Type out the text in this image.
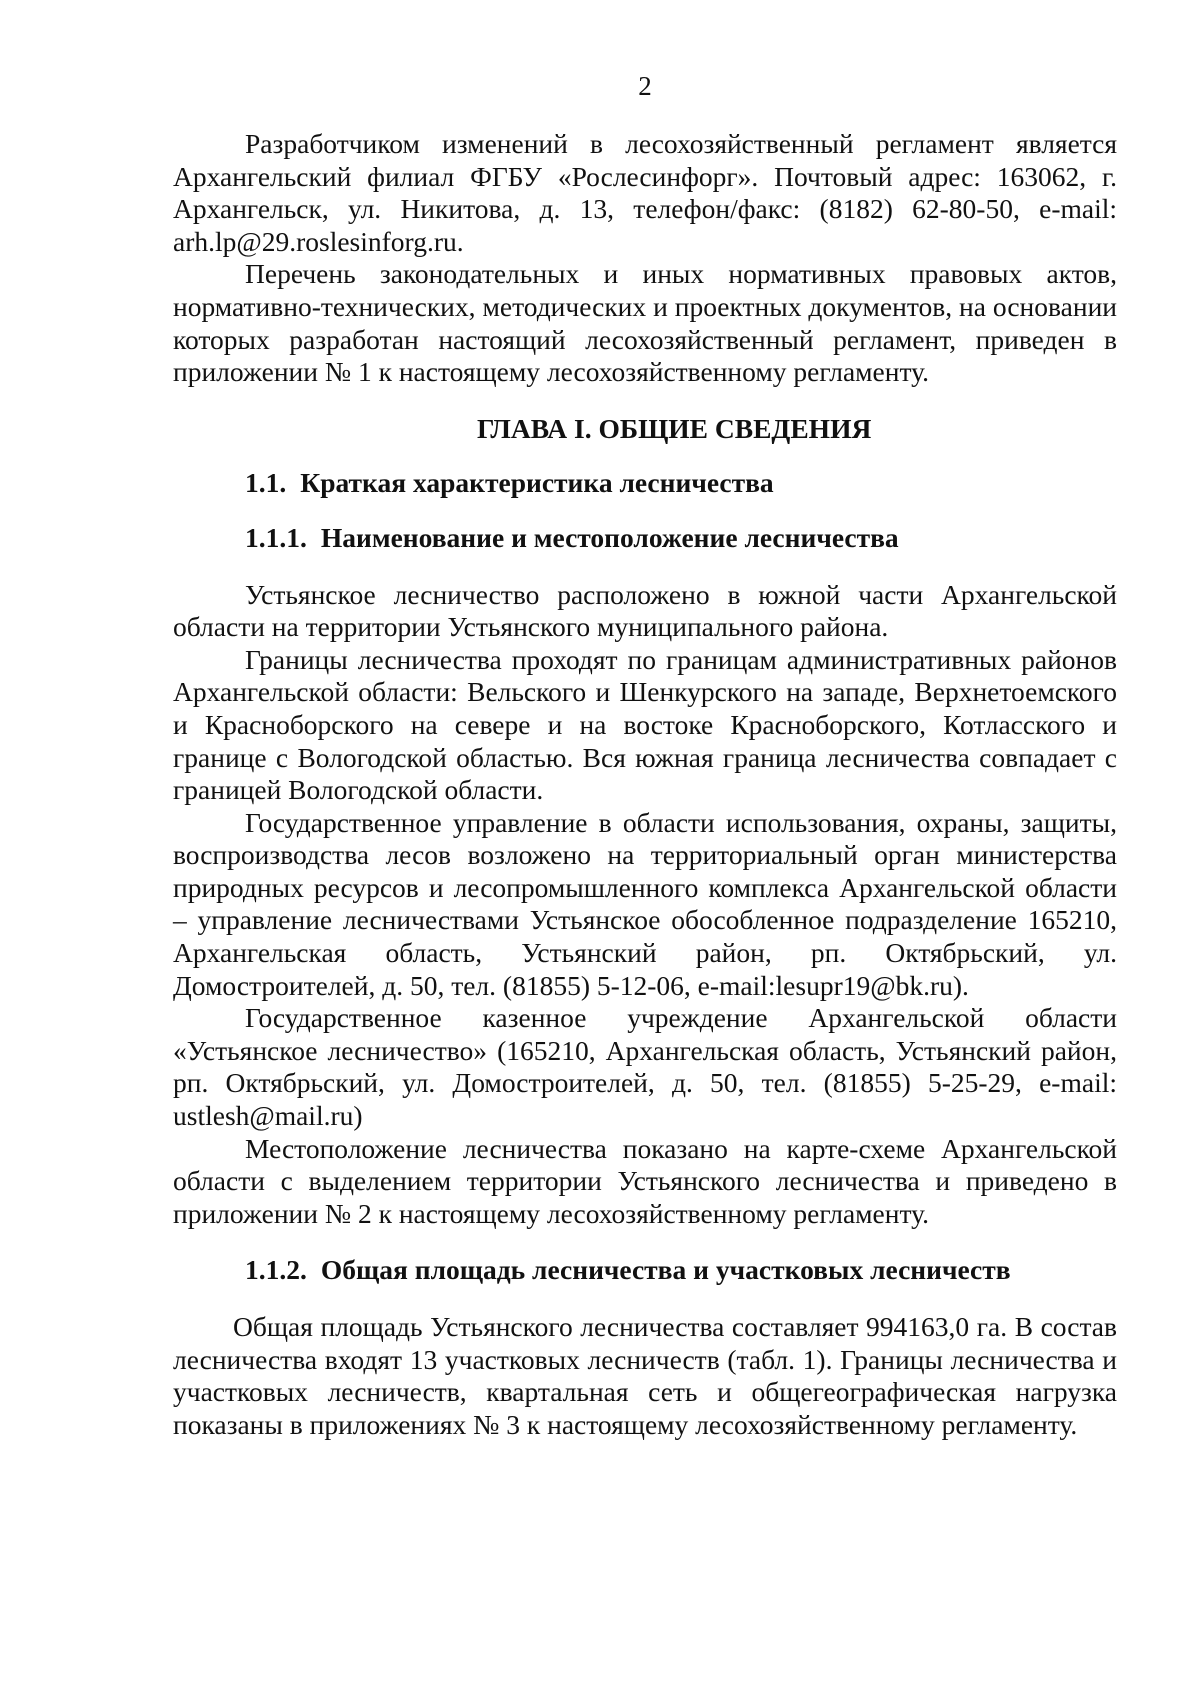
2

Разработчиком изменений в лесохозяйственный регламент является Архангельский филиал ФГБУ «Рослесинфорг». Почтовый адрес: 163062, г. Архангельск, ул. Никитова, д. 13, телефон/факс: (8182) 62-80-50, e-mail: arh.lp@29.roslesinforg.ru.

Перечень законодательных и иных нормативных правовых актов, нормативно-технических, методических и проектных документов, на основании которых разработан настоящий лесохозяйственный регламент, приведен в приложении № 1 к настоящему лесохозяйственному регламенту.

ГЛАВА I. ОБЩИЕ СВЕДЕНИЯ
1.1. Краткая характеристика лесничества
1.1.1. Наименование и местоположение лесничества

Устьянское лесничество расположено в южной части Архангельской области на территории Устьянского муниципального района.

Границы лесничества проходят по границам административных районов Архангельской области: Вельского и Шенкурского на западе, Верхнетоемского и Красноборского на севере и на востоке Красноборского, Котласского и границе с Вологодской областью. Вся южная граница лесничества совпадает с границей Вологодской области.

Государственное управление в области использования, охраны, защиты, воспроизводства лесов возложено на территориальный орган министерства природных ресурсов и лесопромышленного комплекса Архангельской области – управление лесничествами Устьянское обособленное подразделение 165210, Архангельская область, Устьянский район, рп. Октябрьский, ул. Домостроителей, д. 50, тел. (81855) 5-12-06, e-mail:lesupr19@bk.ru).

Государственное казенное учреждение Архангельской области «Устьянское лесничество» (165210, Архангельская область, Устьянский район, рп. Октябрьский, ул. Домостроителей, д. 50, тел. (81855) 5-25-29, e-mail: ustlesh@mail.ru)

Местоположение лесничества показано на карте-схеме Архангельской области с выделением территории Устьянского лесничества и приведено в приложении № 2 к настоящему лесохозяйственному регламенту.

1.1.2. Общая площадь лесничества и участковых лесничеств

Общая площадь Устьянского лесничества составляет 994163,0 га. В состав лесничества входят 13 участковых лесничеств (табл. 1). Границы лесничества и участковых лесничеств, квартальная сеть и общегеографическая нагрузка показаны в приложениях № 3 к настоящему лесохозяйственному регламенту.
